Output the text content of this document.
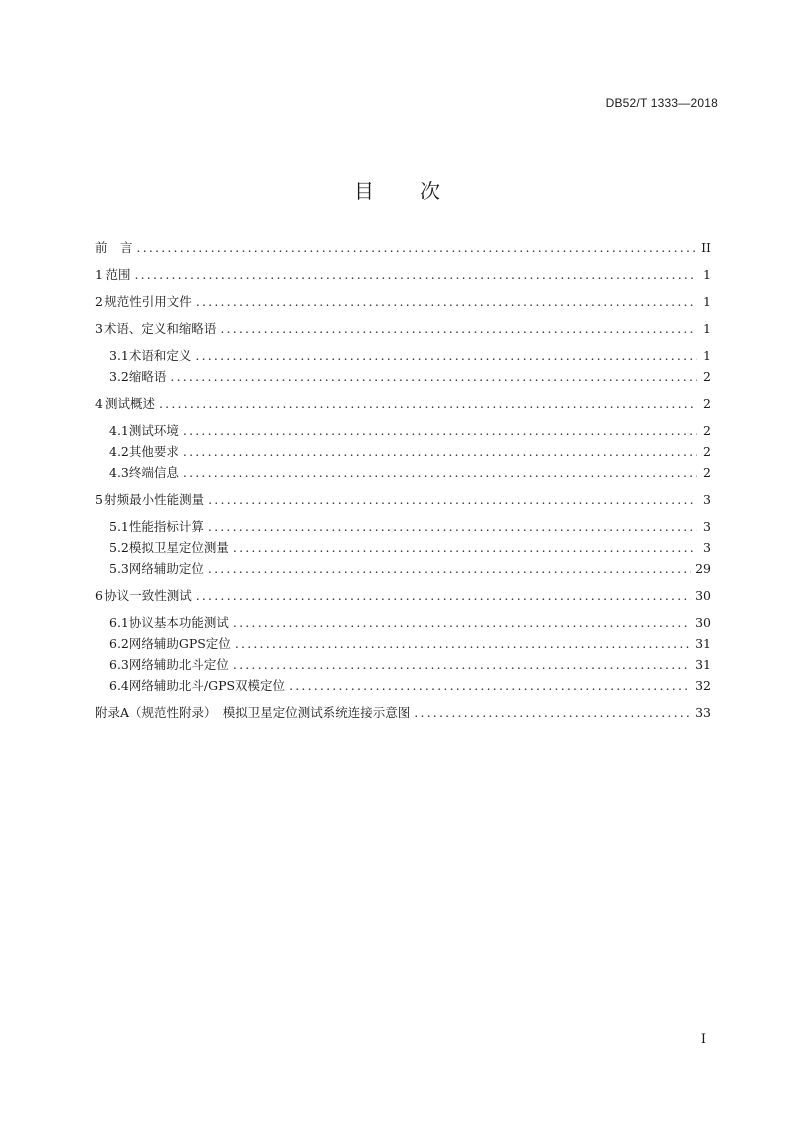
DB52/T 1333—2018
目 次
前　言 .....	II
1 范围 .....	1
2 规范性引用文件 .....	1
3 术语、定义和缩略语 .....	1
3.1 术语和定义 .....	1
3.2 缩略语 .....	2
4 测试概述 .....	2
4.1 测试环境 .....	2
4.2 其他要求 .....	2
4.3 终端信息 .....	2
5 射频最小性能测量 .....	3
5.1 性能指标计算 .....	3
5.2 模拟卫星定位测量 .....	3
5.3 网络辅助定位 .....	29
6 协议一致性测试 .....	30
6.1 协议基本功能测试 .....	30
6.2 网络辅助GPS定位 .....	31
6.3 网络辅助北斗定位 .....	31
6.4 网络辅助北斗/GPS双模定位 .....	32
附录A（规范性附录）　模拟卫星定位测试系统连接示意图 .....	33
I
